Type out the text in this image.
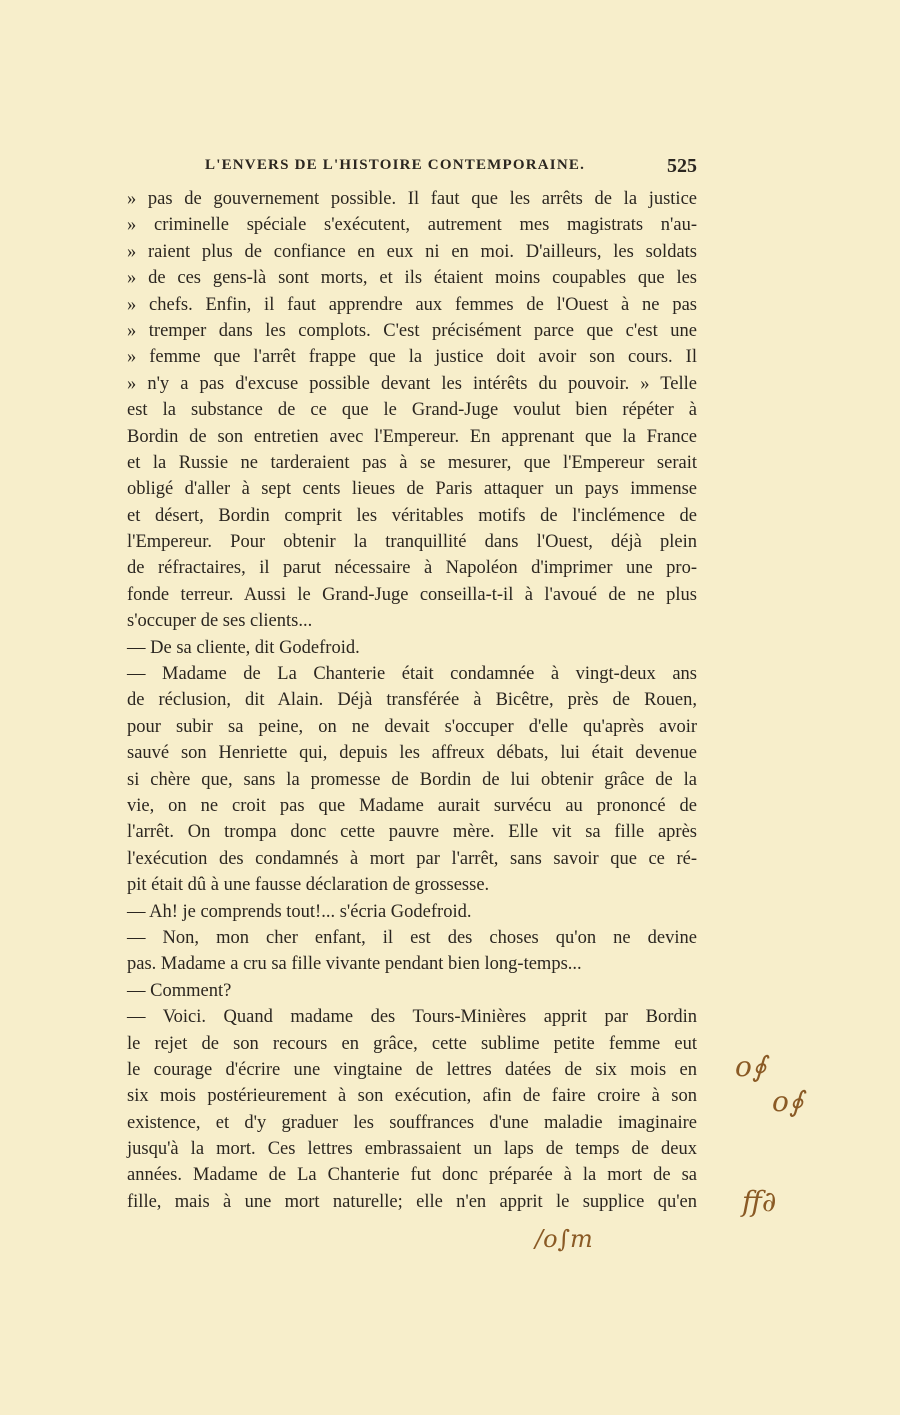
L'ENVERS DE L'HISTOIRE CONTEMPORAINE.	525
» pas de gouvernement possible. Il faut que les arrêts de la justice
» criminelle spéciale s'exécutent, autrement mes magistrats n'au-
» raient plus de confiance en eux ni en moi. D'ailleurs, les soldats
» de ces gens-là sont morts, et ils étaient moins coupables que les
» chefs. Enfin, il faut apprendre aux femmes de l'Ouest à ne pas
» tremper dans les complots. C'est précisément parce que c'est une
» femme que l'arrêt frappe que la justice doit avoir son cours. Il
» n'y a pas d'excuse possible devant les intérêts du pouvoir. » Telle
est la substance de ce que le Grand-Juge voulut bien répéter à
Bordin de son entretien avec l'Empereur. En apprenant que la France
et la Russie ne tarderaient pas à se mesurer, que l'Empereur serait
obligé d'aller à sept cents lieues de Paris attaquer un pays immense
et désert, Bordin comprit les véritables motifs de l'inclémence de
l'Empereur. Pour obtenir la tranquillité dans l'Ouest, déjà plein
de réfractaires, il parut nécessaire à Napoléon d'imprimer une pro-
fonde terreur. Aussi le Grand-Juge conseilla-t-il à l'avoué de ne plus
s'occuper de ses clients...
— De sa cliente, dit Godefroid.
— Madame de La Chanterie était condamnée à vingt-deux ans
de réclusion, dit Alain. Déjà transférée à Bicêtre, près de Rouen,
pour subir sa peine, on ne devait s'occuper d'elle qu'après avoir
sauvé son Henriette qui, depuis les affreux débats, lui était devenue
si chère que, sans la promesse de Bordin de lui obtenir grâce de la
vie, on ne croit pas que Madame aurait survécu au prononcé de
l'arrêt. On trompa donc cette pauvre mère. Elle vit sa fille après
l'exécution des condamnés à mort par l'arrêt, sans savoir que ce ré-
pit était dû à une fausse déclaration de grossesse.
— Ah! je comprends tout!... s'écria Godefroid.
— Non, mon cher enfant, il est des choses qu'on ne devine
pas. Madame a cru sa fille vivante pendant bien long-temps...
— Comment?
— Voici. Quand madame des Tours-Minières apprit par Bordin
le rejet de son recours en grâce, cette sublime petite femme eut
le courage d'écrire une vingtaine de lettres datées de six mois en
six mois postérieurement à son exécution, afin de faire croire à son
existence, et d'y graduer les souffrances d'une maladie imaginaire
jusqu'à la mort. Ces lettres embrassaient un laps de temps de deux
années. Madame de La Chanterie fut donc préparée à la mort de sa
fille, mais à une mort naturelle; elle n'en apprit le supplice qu'en
o∮
o∮
ff∂
/o∫m
